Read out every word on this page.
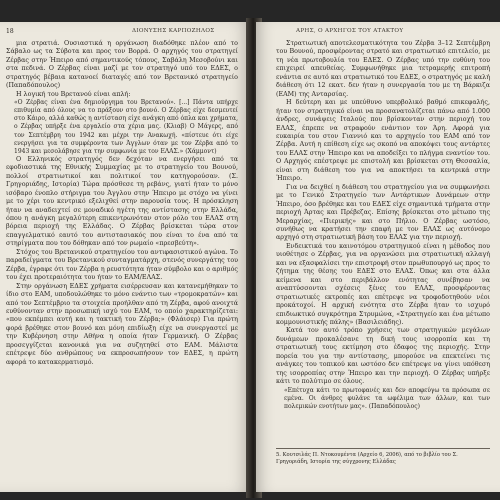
18	ΔΙΟΝΥΣΗΣ ΚΑΡΠΟΖΗΛΟΣ

μια στρατιά. Ουσιαστικά η οργάνωση διαδόθηκε πλέον από το Σάβαλο ως τα Σύβοτα και προς τον Βορρά. Ο αρχηγός του στρατηγεί Ζέρβας στην Ήπειρο από σημαντικούς τόπους, Σαβάλη Μεσοβούνι και στα πεδινά. Ο Ζέρβας είναι μαζί με τον στρατηγό υπό του ΕΔΕΣ, ο στρατηγός βέβαια κατανοεί διαταγές από τον Βρετανικό στρατηγείο (Παπαδόπουλος)

Η λογική του Βρετανού είναι απλή:

«Ο Ζέρβας είναι ένα δημιούργημα του Βρετανού». [...] Πάντα υπήρχε επιθυμία από όλους να το πράξουν στο βουνό. Ο Ζέρβας είχε δεσμευτεί στο Κάιρο, αλλά καθώς η αντίσταση είχε ανάγκη από όπλα και χρήματα, ο Ζέρβας υπήρξε ένα εργαλείο στα χέρια μας. (Κλιαβ) Ο Μάγερς, από τον Σεπτέμβρη του 1942 και μέχρι την Ανακωχή. «πίστευε ότι είχε ενεργήσει για τα συμφέροντα των Άγγλων όταν με τον Ζέρβα από το 1943 και μεσολάβησε για την συμφωνία με τον ΕΛΑΣ.» (Χάμμοντ)

Ο Ελληνικός στρατηγός δεν δεχόταν να ενεργήσει από τα εφοδιαστικά της Εθνικής Συμμαχίας με το στρατηγείο του Βουνού, πολλοί στρατιωτικοί και πολιτικοί τον κατηγορούσαν. (Σ. Γρηγοριάδης, Ιστορία) Τώρα πρόσθεσε τη ρεβάνς, γιατί ήταν το μόνο ισόβαρο ένοπλο στήριγμα του Άγγλου στην Ήπειρο με στόχο να γίνει με το χέρι του κεντρικό εξελιχθεί στην παρουσία τους. Η πρόσκληση ήταν να αναδειχτεί σε μοναδικό ηγέτη της αντίστασης στην Ελλάδα, όπου η ανάγκη μεγαλύτερη επικεντρωνόταν στον ρόλο του ΕΛΑΣ στη βόρεια περιοχή της Ελλάδας. Ο Ζέρβας βρίσκεται τώρα στον επαγγελματικό εαυτό του αντιστασιακός που είναι το ένα από τα στηρίγματα που του δόθηκαν από τον ρωμαίο «πρεσβεύτη».

Στόχος του Βρετανικού στρατηγείου του αντιφασιστικού αγώνα. Το παραδείγματα του Βρετανικού συνταγματάρχη, στενός συνεργάτης του Ζέρβα, έγραφε ότι τον Ζέρβα η ρευστότητα ήταν σύμβολο και ο αριθμός του έχει προτεραιότητα του ήταν το ΕΑΜ/ΕΛΑΣ.

Στην οργάνωση ΕΔΕΣ χρήματα εισέρρευσαν και κατανεμήθηκαν το ίδιο στο ΕΑΜ, υποδουλώθηκε το μόνο ενάντιο των «τρομοκρατών» και από τον Σεπτέμβριο τα στοιχεία προήλθαν από τη Ζέρβα, αφού ανοιχτά ευθύνονταν στην προσωπική ισχύ του ΕΑΜ, το οποίο χαρακτηρίζεται: «που εκπέμπει αυτή και η τακτική του Ζέρβα;» (Φλάισερ) Για πρώτη φορά βρέθηκε στον βουνό και μόνη επιδίωξη είχε να συνεργαστεί με την Κυβέρνηση στην Αθήνα η οποία ήταν Γερμανική. Ο Ζέρβας προσεγγίζεται κανονικά για να συζητηθεί στο ΕΑΜ. Μάλιστα επέτρεψε δύο ανθρώπους να εκπροσωπήσουν τον ΕΔΕΣ, η πρώτη αφορά το κατακερματισμό.

ΑΡΗΣ, Ο ΑΡΧΗΓΟΣ ΤΟΥ ΑΤΑΚΤΟΥ

Στρατιωτική αποτελεσματικότητα του Ζέρβα 3–12 Σεπτέμβρη του Βουνού, προσφέροντας στρατό και στρατιωτικό επιτελείο, με τη νέα πρωτοβουλία του ΕΔΕΣ. Ο Ζέρβας υπό την ευθύνη του επιχειρεί απευθείας. Συμφωνήθηκε μια τετραμερής επιτροπή ενάντια σε αυτό και στρατιωτικό του ΕΔΕΣ, ο στρατηγός με καλή διάθεση ότι 12 εκατ. δεν ήταν η συνεργασία του με τη Βάρκιζα (ΕΑΜ) της Ανταρσίας.

Η δεύτερη και με υπεύθυνο υπερβολικό βαθμό επικεφαλής, ήταν τον στρατηγικό είναι να προσανατολίζεται πάνω από 1.000 άνδρες, συνάψεις Ιταλούς που βρίσκονταν στην περιοχή του ΕΛΑΣ, έπρεπε να στραφούν ενάντιον τον Άρη. Αφορά για ευκαιρία του στον Γιαννιό και το αρχηγείο του ΕΑΜ από τον Ζέρβα. Αυτή η επίθεση είχε ως σκοπό να αποκόψει τους αντάρτες του ΕΛΑΣ στην Ήπειρο και να αποδείξει το πλήγμα εναντίον του. Ο Αρχηγός επέστρεψε με επιστολή και βρίσκεται στη Θεσσαλία, είναι στη διάθεση του για να αποκτήσει τα κεντρικά στην Ήπειρο.

Για να δειχθεί η διάθεση του στρατηγείου για να συμφωνήσει με το Γενικό Στρατηγείο των Αντάρτικων Δυνάμεων στην Ήπειρο, όσο βρέθηκε και του ΕΔΕΣ είχε σημαντικά τμήματα στην περιοχή Άρτας και Πρέβεζας. Επίσης βρίσκεται στο μέτωπο της Μεραρχίας, «Πιερικής» και στο Πήλιο. Ο Ζέρβας ωστόσο, συνήθως να κρατήσει την επαφή με τον ΕΛΑΣ ως αυτόνομο αρχηγό στη στρατιωτική βάση του ΕΛΑΣ για την περιοχή.

Ενδεικτικά του καινοτόμου στρατηγικού είναι η μέθοδος που υιοθέτησε ο Ζέρβας, για να οργανώσει μια στρατιωτική αλλαγή και να εξασφαλίσει την επιστροφή στον πρωθυπουργό ως προς το ζήτημα της θέσης του ΕΔΕΣ στο ΕΛΑΣ. Όπως και στα άλλα κείμενα και στο περιβάλλον ενότητας συνέβησαν να αναπτύσσονται σχέσεις ξένες του ΕΛΑΣ, προσφέροντας στρατιωτικές εκτροπές και επέτρεψε να τροφοδοτηθούν νέοι προκάτοχοί. Η αρχική ενότητα στο Ζέρβα ήταν το ισχυρό επιδιωκτικό συγκρότημα Στρυμώνα, «Στρατηγείο και ένα μέτωπο κομμουνιστικής πάλης» (Βασιλειάδης).

Κατά τον αυτό τρόπο χρήσεις των στρατηγικών μεγάλων δυνάμεων προκαλέσανε τη δική τους ισορροπία και τη στρατιωτική τους εκτίμηση στο έδαφος της περιοχής. Στην πορεία του για την αντίστασης, μπορούσε να επεκτείνει τις ανάγκες του τοπικού και ωστόσο δεν επέτρεψε να γίνει υπόθεση της ισορροπίας στην Ήπειρο και την περιοχή. Ο Ζέρβας υπήρξε κάτι το πολύτιμο σε όλους.

«Επέτυχα κάτι το πρωτοφανές και δεν αποφεύγω τα πρόσωπα σε εμένα. Οι άνθρες φυλάνε τα ωφέλιμα των άλλων, και των πολεμικών ενοτήτων μας». (Παπαδόπουλος)

5. Κουτσιλάς Π. Ντοκουμέντα (Αρχείο 6, 2006), από το βιβλίο του Σ. Γρηγοριάδη, Ιστορία της σύγχρονης Ελλάδας
